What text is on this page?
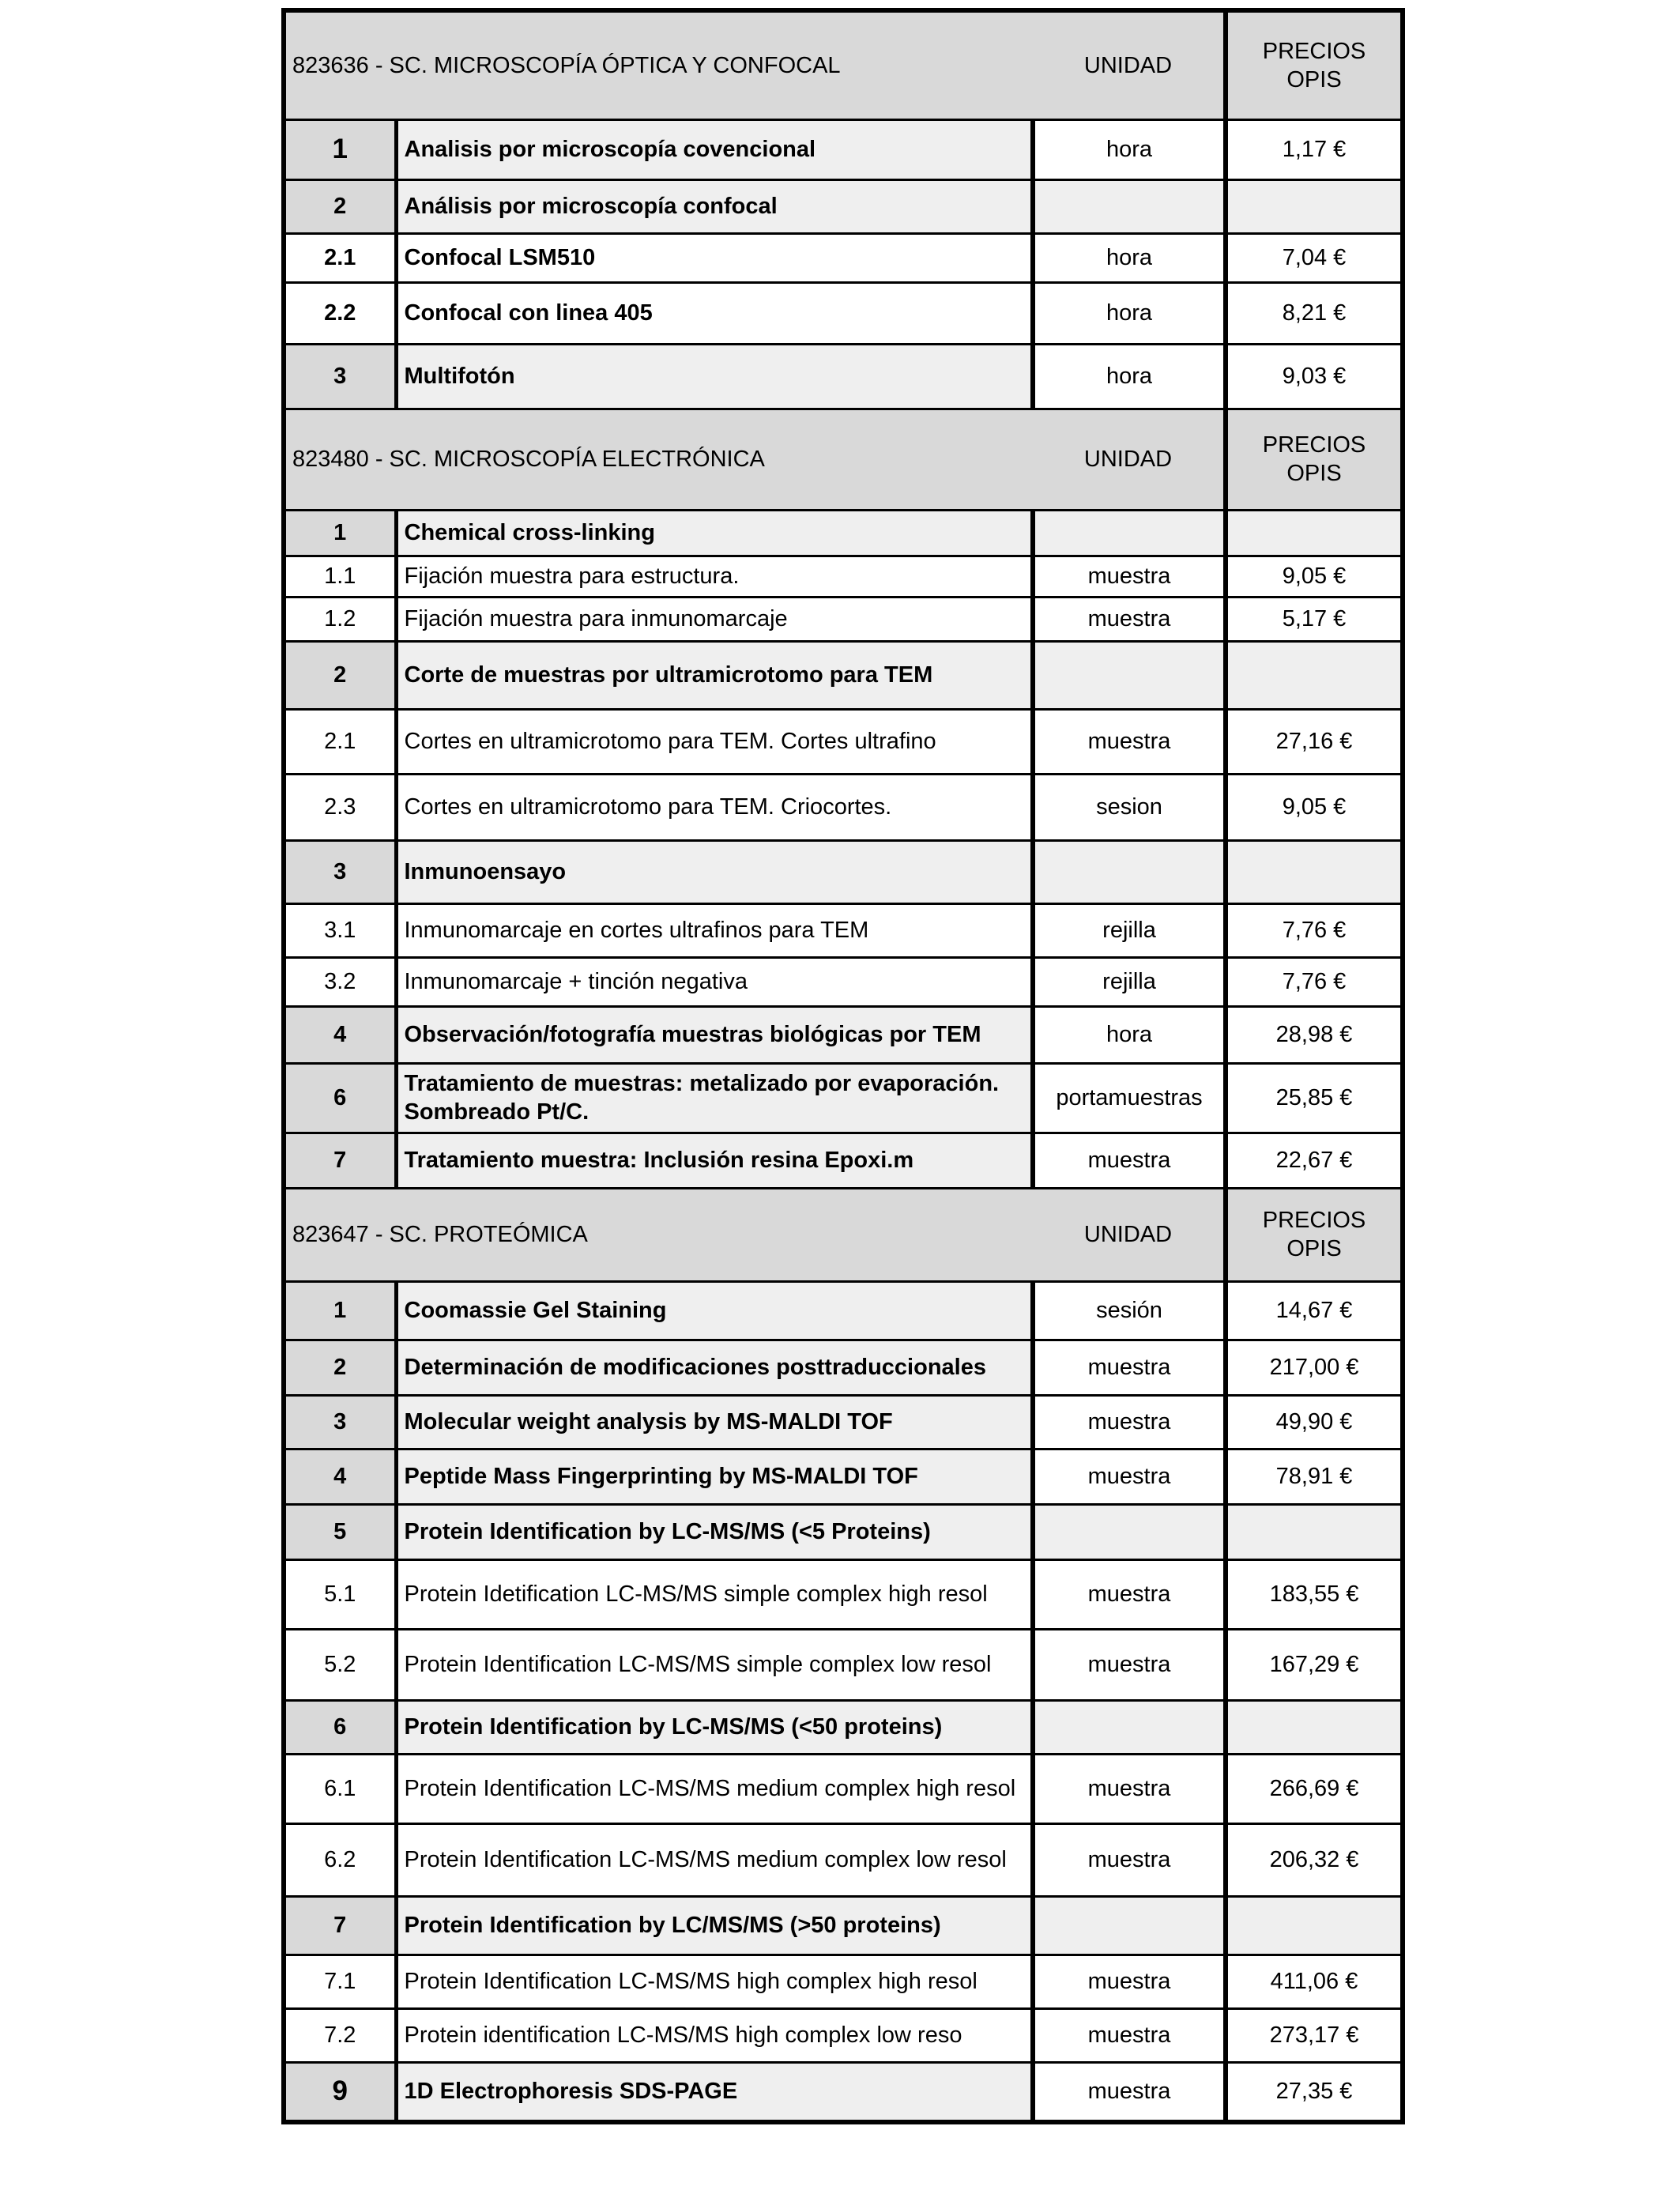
823636 - SC. MICROSCOPÍA ÓPTICA Y CONFOCAL		UNIDAD	PRECIOS OPIS
1	Analisis por microscopía covencional	hora	1,17 €
2	Análisis por microscopía confocal		
2.1	Confocal LSM510	hora	7,04 €
2.2	Confocal con linea 405	hora	8,21 €
3	Multifotón	hora	9,03 €
823480 - SC. MICROSCOPÍA ELECTRÓNICA		UNIDAD	PRECIOS OPIS
1	Chemical cross-linking		
1.1	Fijación muestra para estructura.	muestra	9,05 €
1.2	Fijación muestra para inmunomarcaje	muestra	5,17 €
2	Corte de muestras por ultramicrotomo para TEM		
2.1	Cortes en ultramicrotomo para TEM. Cortes ultrafino	muestra	27,16 €
2.3	Cortes en ultramicrotomo para TEM. Criocortes.	sesion	9,05 €
3	Inmunoensayo		
3.1	Inmunomarcaje en cortes ultrafinos para TEM	rejilla	7,76 €
3.2	Inmunomarcaje + tinción negativa	rejilla	7,76 €
4	Observación/fotografía muestras biológicas por TEM	hora	28,98 €
6	Tratamiento de muestras: metalizado por evaporación. Sombreado Pt/C.	portamuestras	25,85 €
7	Tratamiento muestra: Inclusión resina Epoxi.m	muestra	22,67 €
823647 - SC. PROTEÓMICA		UNIDAD	PRECIOS OPIS
1	Coomassie Gel Staining	sesión	14,67 €
2	Determinación de modificaciones posttraduccionales	muestra	217,00 €
3	Molecular weight analysis by MS-MALDI TOF	muestra	49,90 €
4	Peptide Mass Fingerprinting by MS-MALDI TOF	muestra	78,91 €
5	Protein Identification by LC-MS/MS (<5 Proteins)		
5.1	Protein Idetification LC-MS/MS simple complex high resol	muestra	183,55 €
5.2	Protein Identification LC-MS/MS simple complex low resol	muestra	167,29 €
6	Protein Identification by LC-MS/MS (<50 proteins)		
6.1	Protein Identification LC-MS/MS medium complex high resol	muestra	266,69 €
6.2	Protein Identification LC-MS/MS medium complex low resol	muestra	206,32 €
7	Protein Identification by LC/MS/MS (>50 proteins)		
7.1	Protein Identification LC-MS/MS high complex high resol	muestra	411,06 €
7.2	Protein identification LC-MS/MS high complex low reso	muestra	273,17 €
9	1D Electrophoresis SDS-PAGE	muestra	27,35 €
